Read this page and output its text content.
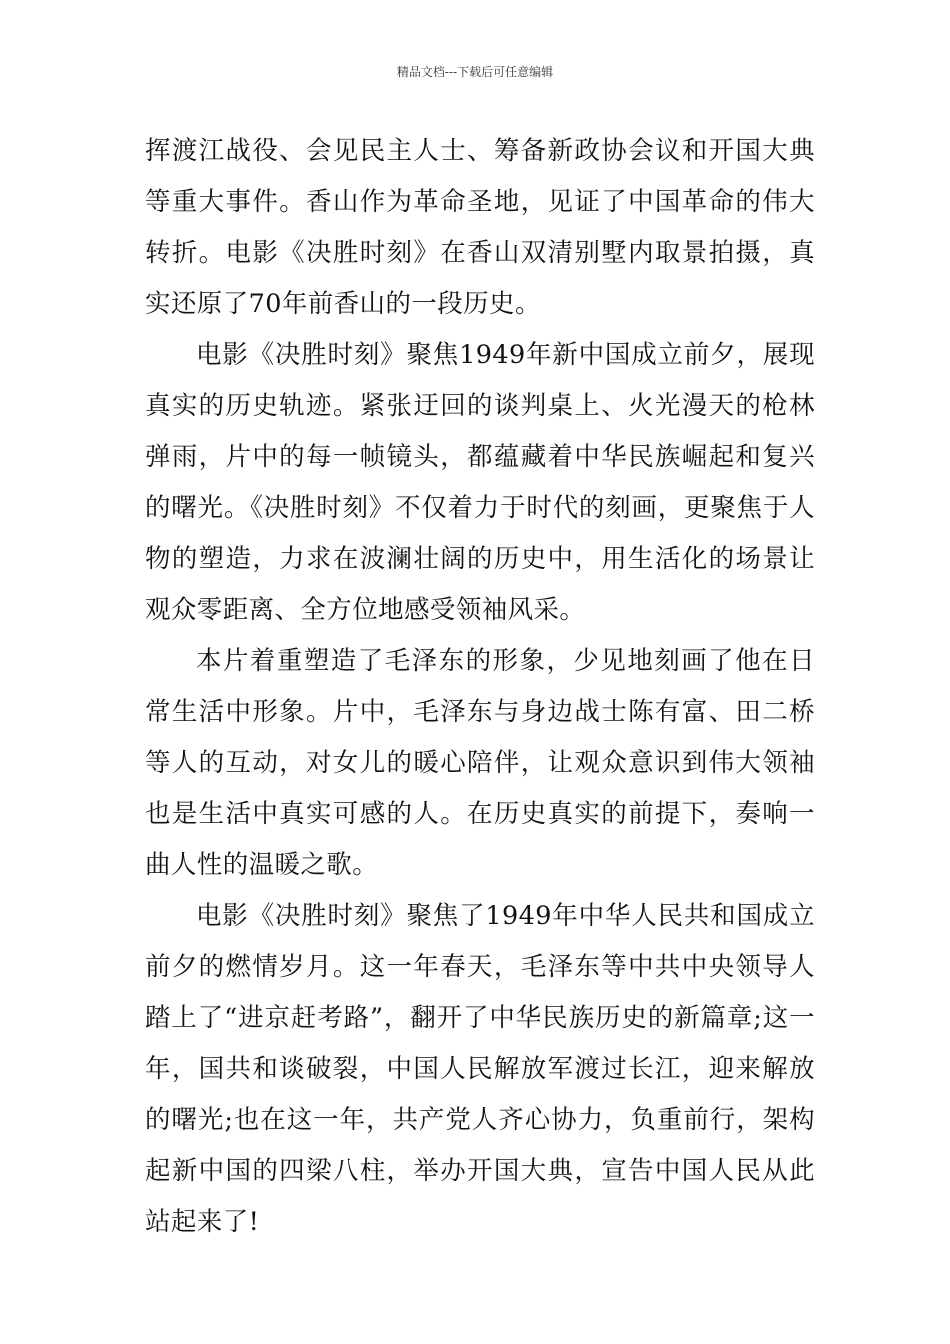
精品文档---下载后可任意编辑

挥渡江战役、会见民主人士、筹备新政协会议和开国大典等重大事件。香山作为革命圣地，见证了中国革命的伟大转折。电影《决胜时刻》在香山双清别墅内取景拍摄，真实还原了70年前香山的一段历史。

电影《决胜时刻》聚焦1949年新中国成立前夕，展现真实的历史轨迹。紧张迂回的谈判桌上、火光漫天的枪林弹雨，片中的每一帧镜头，都蕴藏着中华民族崛起和复兴的曙光。《决胜时刻》不仅着力于时代的刻画，更聚焦于人物的塑造，力求在波澜壮阔的历史中，用生活化的场景让观众零距离、全方位地感受领袖风采。

本片着重塑造了毛泽东的形象，少见地刻画了他在日常生活中形象。片中，毛泽东与身边战士陈有富、田二桥等人的互动，对女儿的暖心陪伴，让观众意识到伟大领袖也是生活中真实可感的人。在历史真实的前提下，奏响一曲人性的温暖之歌。

电影《决胜时刻》聚焦了1949年中华人民共和国成立前夕的燃情岁月。这一年春天，毛泽东等中共中央领导人踏上了“进京赶考路”，翻开了中华民族历史的新篇章;这一年，国共和谈破裂，中国人民解放军渡过长江，迎来解放的曙光;也在这一年，共产党人齐心协力，负重前行，架构起新中国的四梁八柱，举办开国大典，宣告中国人民从此站起来了!
